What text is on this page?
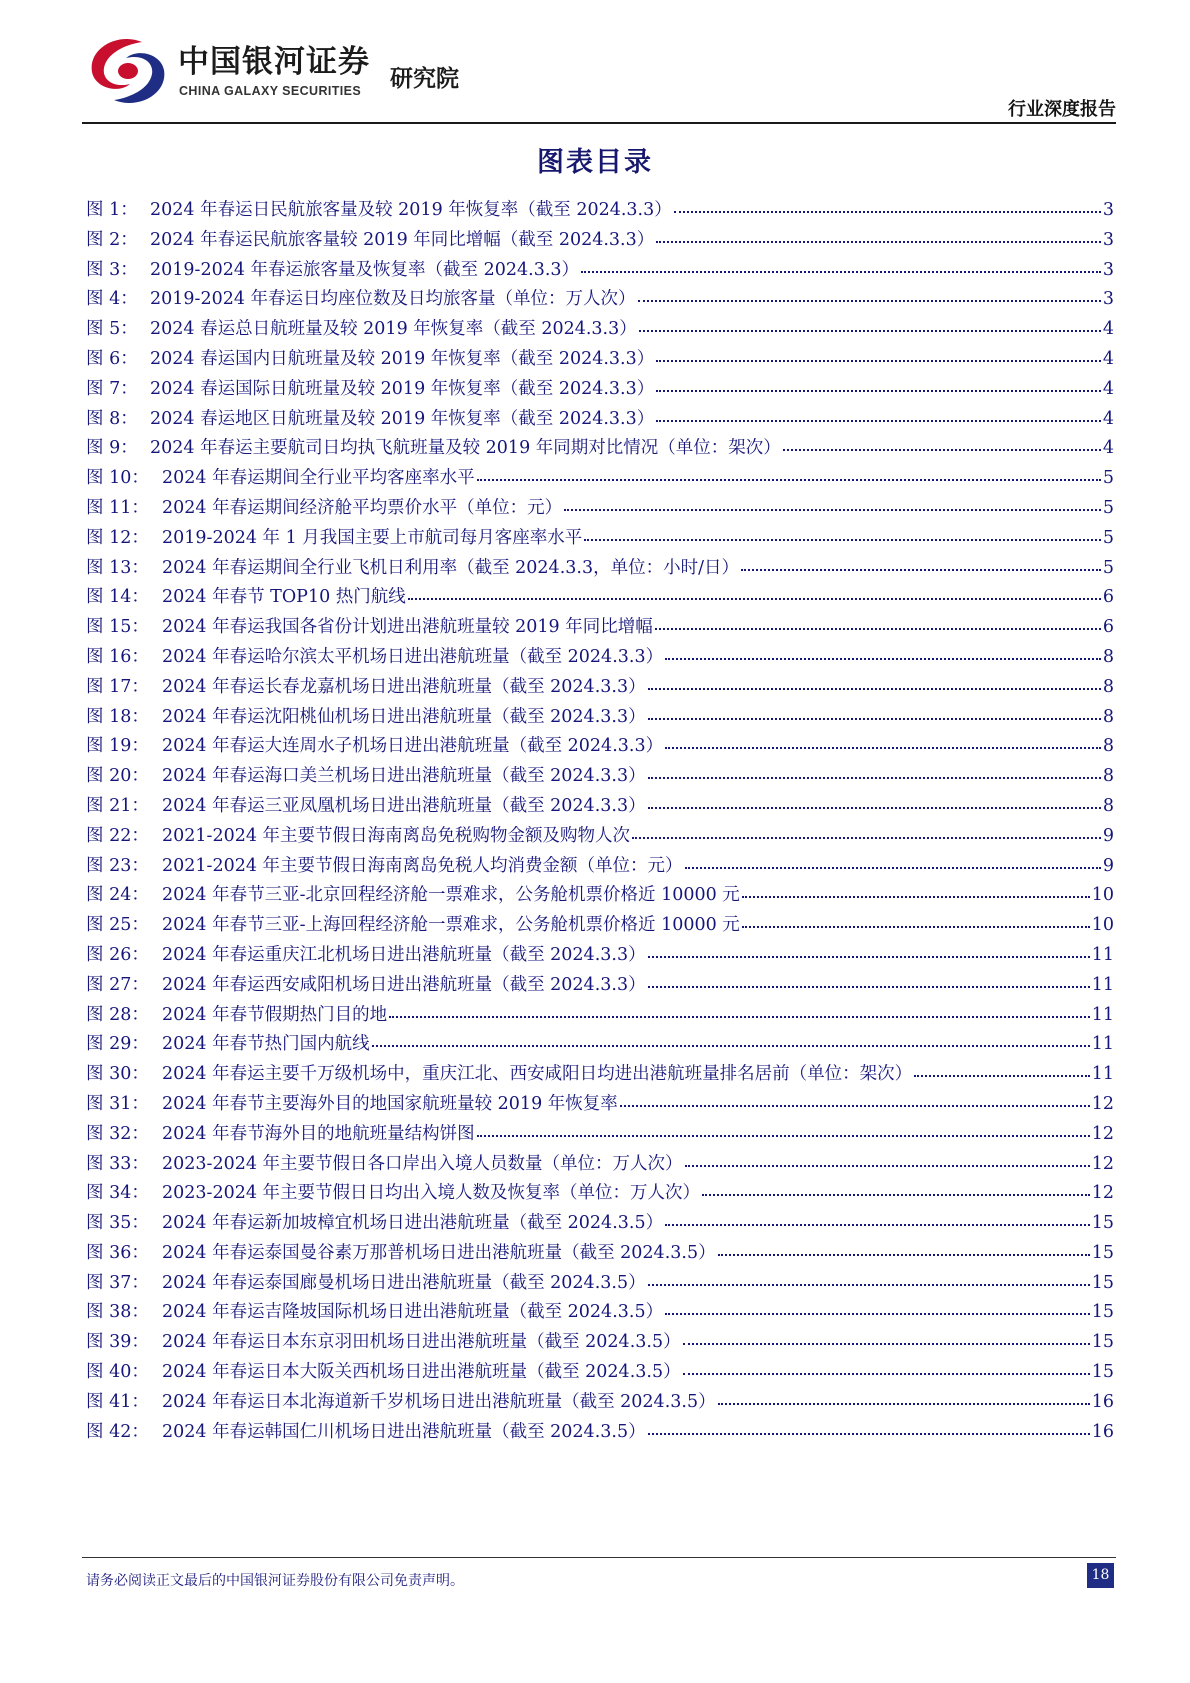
中国银河证券
CHINA GALAXY SECURITIES 研究院
行业深度报告
图表目录
图 1： 2024 年春运日民航旅客量及较 2019 年恢复率（截至 2024.3.3）	3
图 2： 2024 年春运民航旅客量较 2019 年同比增幅（截至 2024.3.3）	3
图 3： 2019-2024 年春运旅客量及恢复率（截至 2024.3.3）	3
图 4： 2019-2024 年春运日均座位数及日均旅客量（单位：万人次）	3
图 5： 2024 春运总日航班量及较 2019 年恢复率（截至 2024.3.3）	4
图 6： 2024 春运国内日航班量及较 2019 年恢复率（截至 2024.3.3）	4
图 7： 2024 春运国际日航班量及较 2019 年恢复率（截至 2024.3.3）	4
图 8： 2024 春运地区日航班量及较 2019 年恢复率（截至 2024.3.3）	4
图 9： 2024 年春运主要航司日均执飞航班量及较 2019 年同期对比情况（单位：架次）	4
图 10： 2024 年春运期间全行业平均客座率水平	5
图 11： 2024 年春运期间经济舱平均票价水平（单位：元）	5
图 12： 2019-2024 年 1 月我国主要上市航司每月客座率水平	5
图 13： 2024 年春运期间全行业飞机日利用率（截至 2024.3.3，单位：小时/日）	5
图 14： 2024 年春节 TOP10 热门航线	6
图 15： 2024 年春运我国各省份计划进出港航班量较 2019 年同比增幅	6
图 16： 2024 年春运哈尔滨太平机场日进出港航班量（截至 2024.3.3）	8
图 17： 2024 年春运长春龙嘉机场日进出港航班量（截至 2024.3.3）	8
图 18： 2024 年春运沈阳桃仙机场日进出港航班量（截至 2024.3.3）	8
图 19： 2024 年春运大连周水子机场日进出港航班量（截至 2024.3.3）	8
图 20： 2024 年春运海口美兰机场日进出港航班量（截至 2024.3.3）	8
图 21： 2024 年春运三亚凤凰机场日进出港航班量（截至 2024.3.3）	8
图 22： 2021-2024 年主要节假日海南离岛免税购物金额及购物人次	9
图 23： 2021-2024 年主要节假日海南离岛免税人均消费金额（单位：元）	9
图 24： 2024 年春节三亚-北京回程经济舱一票难求，公务舱机票价格近 10000 元	10
图 25： 2024 年春节三亚-上海回程经济舱一票难求，公务舱机票价格近 10000 元	10
图 26： 2024 年春运重庆江北机场日进出港航班量（截至 2024.3.3）	11
图 27： 2024 年春运西安咸阳机场日进出港航班量（截至 2024.3.3）	11
图 28： 2024 年春节假期热门目的地	11
图 29： 2024 年春节热门国内航线	11
图 30： 2024 年春运主要千万级机场中，重庆江北、西安咸阳日均进出港航班量排名居前（单位：架次）	11
图 31： 2024 年春节主要海外目的地国家航班量较 2019 年恢复率	12
图 32： 2024 年春节海外目的地航班量结构饼图	12
图 33： 2023-2024 年主要节假日各口岸出入境人员数量（单位：万人次）	12
图 34： 2023-2024 年主要节假日日均出入境人数及恢复率（单位：万人次）	12
图 35： 2024 年春运新加坡樟宜机场日进出港航班量（截至 2024.3.5）	15
图 36： 2024 年春运泰国曼谷素万那普机场日进出港航班量（截至 2024.3.5）	15
图 37： 2024 年春运泰国廊曼机场日进出港航班量（截至 2024.3.5）	15
图 38： 2024 年春运吉隆坡国际机场日进出港航班量（截至 2024.3.5）	15
图 39： 2024 年春运日本东京羽田机场日进出港航班量（截至 2024.3.5）	15
图 40： 2024 年春运日本大阪关西机场日进出港航班量（截至 2024.3.5）	15
图 41： 2024 年春运日本北海道新千岁机场日进出港航班量（截至 2024.3.5）	16
图 42： 2024 年春运韩国仁川机场日进出港航班量（截至 2024.3.5）	16
请务必阅读正文最后的中国银河证券股份有限公司免责声明。	18
